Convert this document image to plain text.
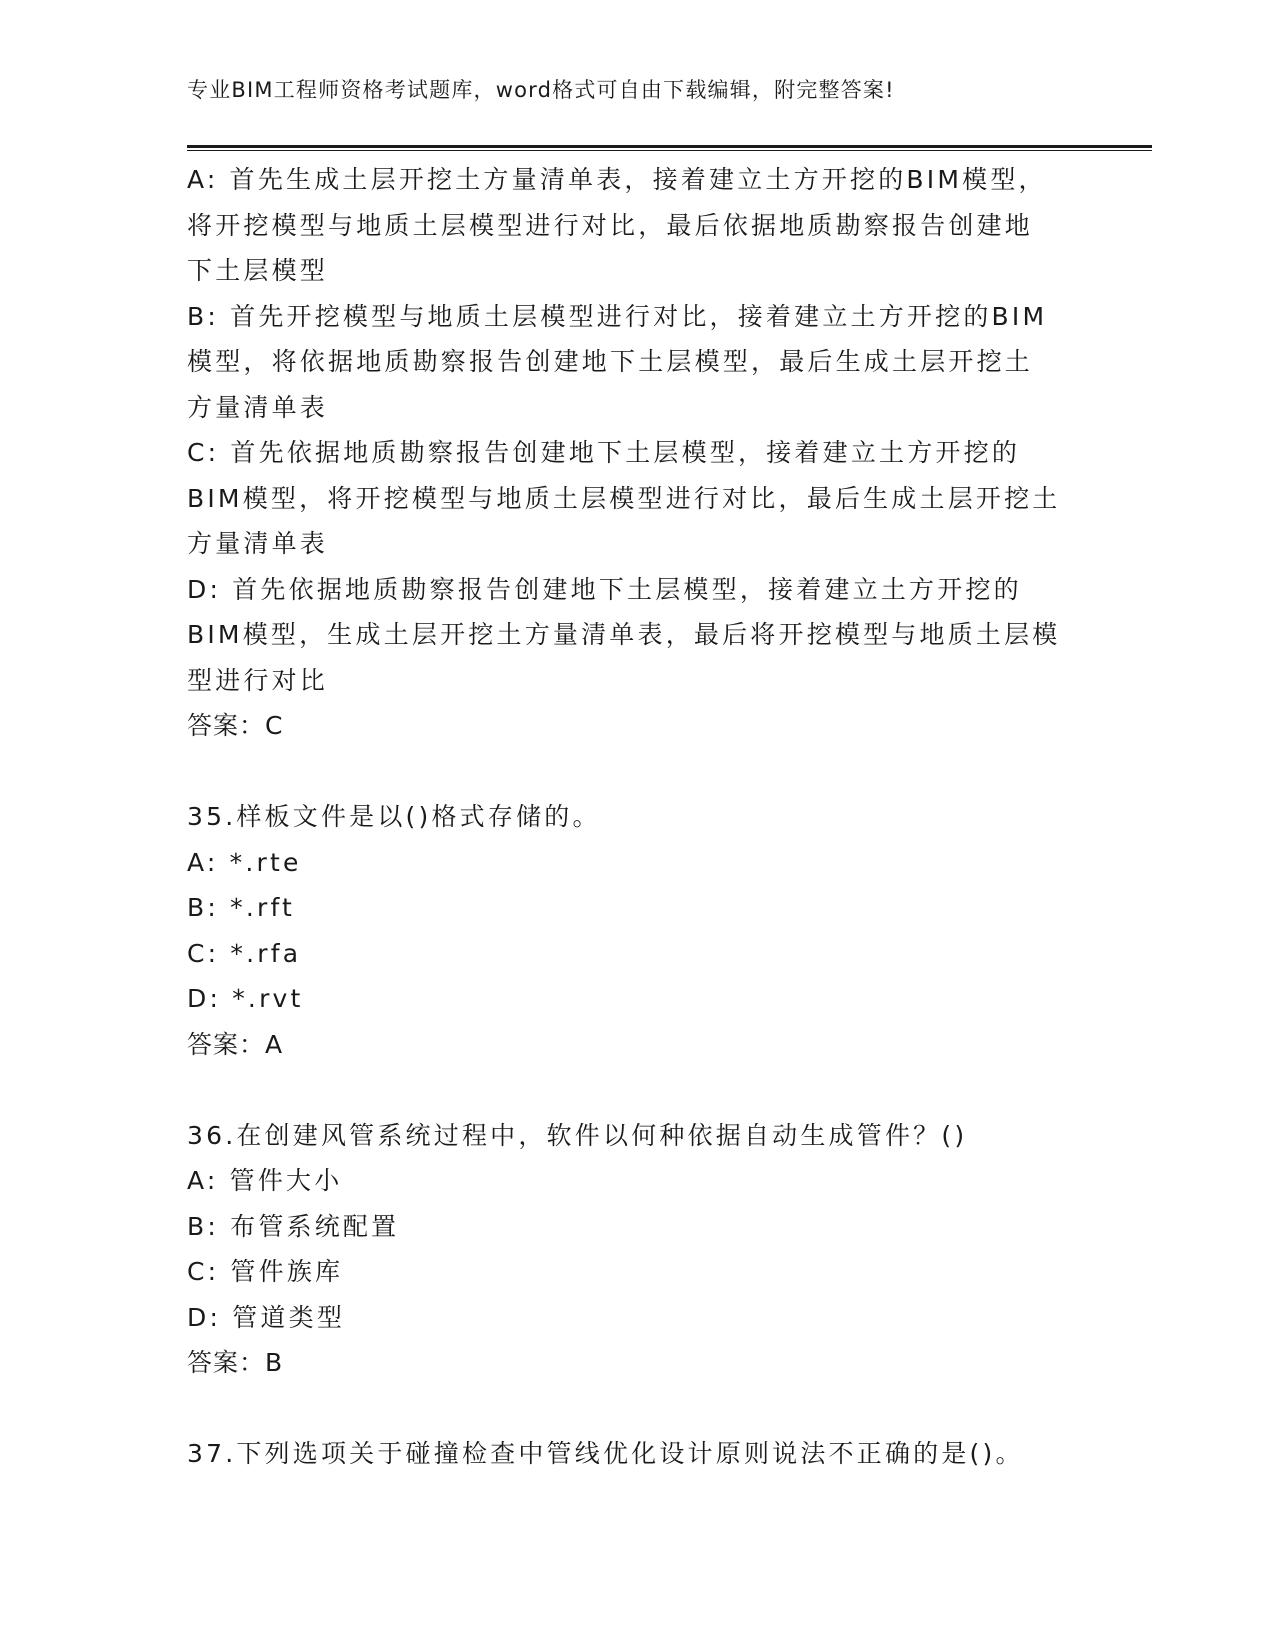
专业BIM工程师资格考试题库，word格式可自由下载编辑，附完整答案!
A: 首先生成土层开挖土方量清单表，接着建立土方开挖的BIM模型，
将开挖模型与地质土层模型进行对比，最后依据地质勘察报告创建地
下土层模型
B: 首先开挖模型与地质土层模型进行对比，接着建立土方开挖的BIM
模型，将依据地质勘察报告创建地下土层模型，最后生成土层开挖土
方量清单表
C: 首先依据地质勘察报告创建地下土层模型，接着建立土方开挖的
BIM模型，将开挖模型与地质土层模型进行对比，最后生成土层开挖土
方量清单表
D: 首先依据地质勘察报告创建地下土层模型，接着建立土方开挖的
BIM模型，生成土层开挖土方量清单表，最后将开挖模型与地质土层模
型进行对比
答案：C
35.样板文件是以()格式存储的。
A: *.rte
B: *.rft
C: *.rfa
D: *.rvt
答案：A
36.在创建风管系统过程中，软件以何种依据自动生成管件？()
A: 管件大小
B: 布管系统配置
C: 管件族库
D: 管道类型
答案：B
37.下列选项关于碰撞检查中管线优化设计原则说法不正确的是()。
